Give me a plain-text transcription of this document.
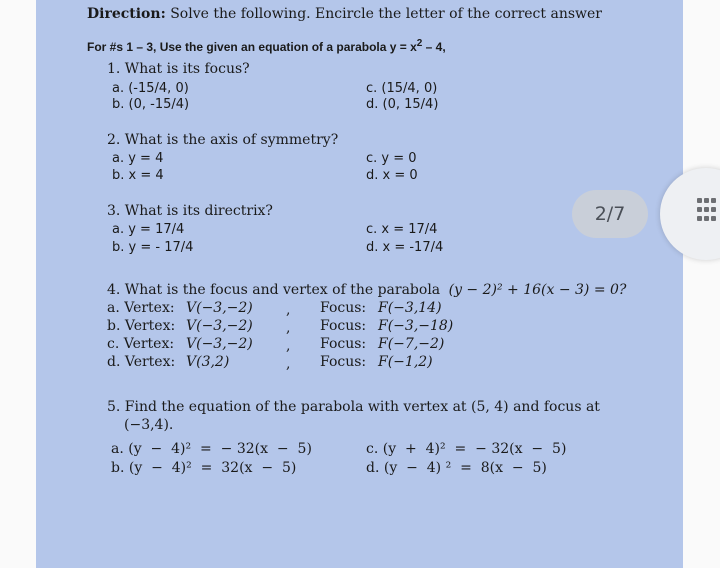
Direction: Solve the following. Encircle the letter of the correct answer
For #s 1 – 3, Use the given an equation of a parabola $y = x^2 - 4$,
1. What is its focus?
a. (-15/4, 0)
b. (0, -15/4)
c. (15/4, 0)
d. (0, 15/4)
2. What is the axis of symmetry?
a. y = 4
b. x = 4
c. y = 0
d. x = 0
3. What is its directrix?
a. y = 17/4
b. y = - 17/4
c. x = 17/4
d. x = -17/4
2/7
4. What is the focus and vertex of the parabola (y − 2)² + 16(x − 3) = 0?
a. Vertex: V(−3,−2) , Focus: F(−3,14)
b. Vertex: V(−3,−2) , Focus: F(−3,−18)
c. Vertex: V(−3,−2) , Focus: F(−7,−2)
d. Vertex: V(3,2)	, Focus: F(−1,2)
5. Find the equation of the parabola with vertex at (5, 4) and focus at
(−3,4).
a. (y  −  4)²  =  − 32(x  −  5)
b. (y  −  4)²  =  32(x  −  5)
c. (y  +  4)²  =  − 32(x  −  5)
d. (y  −  4) ²  =  8(x  −  5)
